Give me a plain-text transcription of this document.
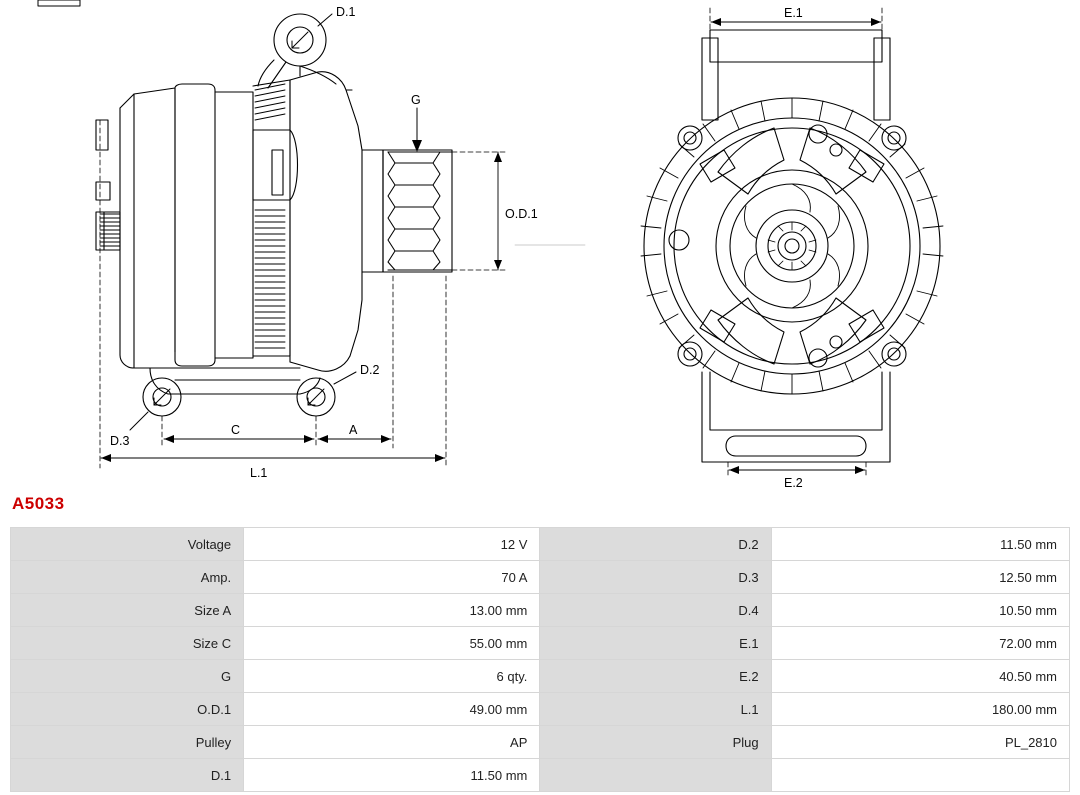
D.1
G
O.D.1
D.2
D.3
C	A
L.1
E.1
E.2
A5033
Voltage	12 V	D.2	11.50 mm
Amp.	70 A	D.3	12.50 mm
Size A	13.00 mm	D.4	10.50 mm
Size C	55.00 mm	E.1	72.00 mm
G	6 qty.	E.2	40.50 mm
O.D.1	49.00 mm	L.1	180.00 mm
Pulley	AP	Plug	PL_2810
D.1	11.50 mm		
